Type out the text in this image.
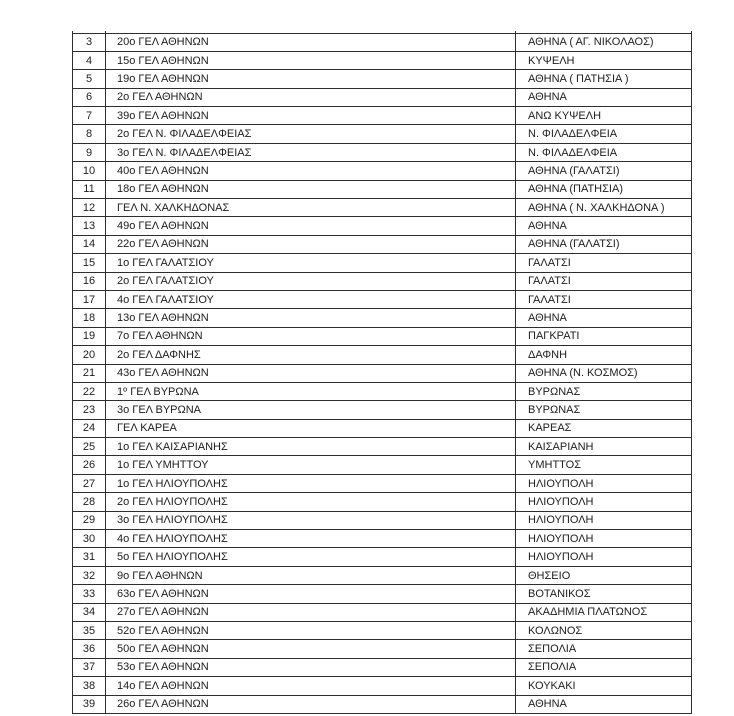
3	20ο ΓΕΛ ΑΘΗΝΩΝ	ΑΘΗΝΑ ( ΑΓ. ΝΙΚΟΛΑΟΣ)
4	15ο ΓΕΛ ΑΘΗΝΩΝ	ΚΥΨΕΛΗ
5	19ο ΓΕΛ ΑΘΗΝΩΝ	ΑΘΗΝΑ ( ΠΑΤΗΣΙΑ )
6	2ο ΓΕΛ ΑΘΗΝΩΝ	ΑΘΗΝΑ
7	39ο ΓΕΛ ΑΘΗΝΩΝ	ΑΝΩ ΚΥΨΕΛΗ
8	2ο ΓΕΛ Ν. ΦΙΛΑΔΕΛΦΕΙΑΣ	Ν. ΦΙΛΑΔΕΛΦΕΙΑ
9	3ο ΓΕΛ Ν. ΦΙΛΑΔΕΛΦΕΙΑΣ	Ν. ΦΙΛΑΔΕΛΦΕΙΑ
10	40ο ΓΕΛ ΑΘΗΝΩΝ	ΑΘΗΝΑ (ΓΑΛΑΤΣΙ)
11	18ο ΓΕΛ ΑΘΗΝΩΝ	ΑΘΗΝΑ (ΠΑΤΗΣΙΑ)
12	ΓΕΛ Ν. ΧΑΛΚΗΔΟΝΑΣ	ΑΘΗΝΑ ( Ν. ΧΑΛΚΗΔΟΝΑ )
13	49ο ΓΕΛ ΑΘΗΝΩΝ	ΑΘΗΝΑ
14	22ο ΓΕΛ ΑΘΗΝΩΝ	ΑΘΗΝΑ (ΓΑΛΑΤΣΙ)
15	1ο ΓΕΛ ΓΑΛΑΤΣΙΟΥ	ΓΑΛΑΤΣΙ
16	2ο ΓΕΛ ΓΑΛΑΤΣΙΟΥ	ΓΑΛΑΤΣΙ
17	4ο ΓΕΛ ΓΑΛΑΤΣΙΟΥ	ΓΑΛΑΤΣΙ
18	13ο ΓΕΛ ΑΘΗΝΩΝ	ΑΘΗΝΑ
19	7ο ΓΕΛ ΑΘΗΝΩΝ	ΠΑΓΚΡΑΤΙ
20	2ο ΓΕΛ ΔΑΦΝΗΣ	ΔΑΦΝΗ
21	43ο ΓΕΛ ΑΘΗΝΩΝ	ΑΘΗΝΑ (Ν. ΚΟΣΜΟΣ)
22	1º ΓΕΛ ΒΥΡΩΝΑ	ΒΥΡΩΝΑΣ
23	3ο ΓΕΛ ΒΥΡΩΝΑ	ΒΥΡΩΝΑΣ
24	ΓΕΛ ΚΑΡΕΑ	ΚΑΡΕΑΣ
25	1ο ΓΕΛ ΚΑΙΣΑΡΙΑΝΗΣ	ΚΑΙΣΑΡΙΑΝΗ
26	1ο ΓΕΛ ΥΜΗΤΤΟΥ	ΥΜΗΤΤΟΣ
27	1ο ΓΕΛ ΗΛΙΟΥΠΟΛΗΣ	ΗΛΙΟΥΠΟΛΗ
28	2ο ΓΕΛ ΗΛΙΟΥΠΟΛΗΣ	ΗΛΙΟΥΠΟΛΗ
29	3ο ΓΕΛ ΗΛΙΟΥΠΟΛΗΣ	ΗΛΙΟΥΠΟΛΗ
30	4ο ΓΕΛ ΗΛΙΟΥΠΟΛΗΣ	ΗΛΙΟΥΠΟΛΗ
31	5ο ΓΕΛ ΗΛΙΟΥΠΟΛΗΣ	ΗΛΙΟΥΠΟΛΗ
32	9ο ΓΕΛ ΑΘΗΝΩΝ	ΘΗΣΕΙΟ
33	63ο ΓΕΛ ΑΘΗΝΩΝ	ΒΟΤΑΝΙΚΟΣ
34	27ο ΓΕΛ ΑΘΗΝΩΝ	ΑΚΑΔΗΜΙΑ ΠΛΑΤΩΝΟΣ
35	52ο ΓΕΛ ΑΘΗΝΩΝ	ΚΟΛΩΝΟΣ
36	50ο ΓΕΛ ΑΘΗΝΩΝ	ΣΕΠΟΛΙΑ
37	53ο ΓΕΛ ΑΘΗΝΩΝ	ΣΕΠΟΛΙΑ
38	14ο ΓΕΛ ΑΘΗΝΩΝ	ΚΟΥΚΑΚΙ
39	26ο ΓΕΛ ΑΘΗΝΩΝ	ΑΘΗΝΑ
